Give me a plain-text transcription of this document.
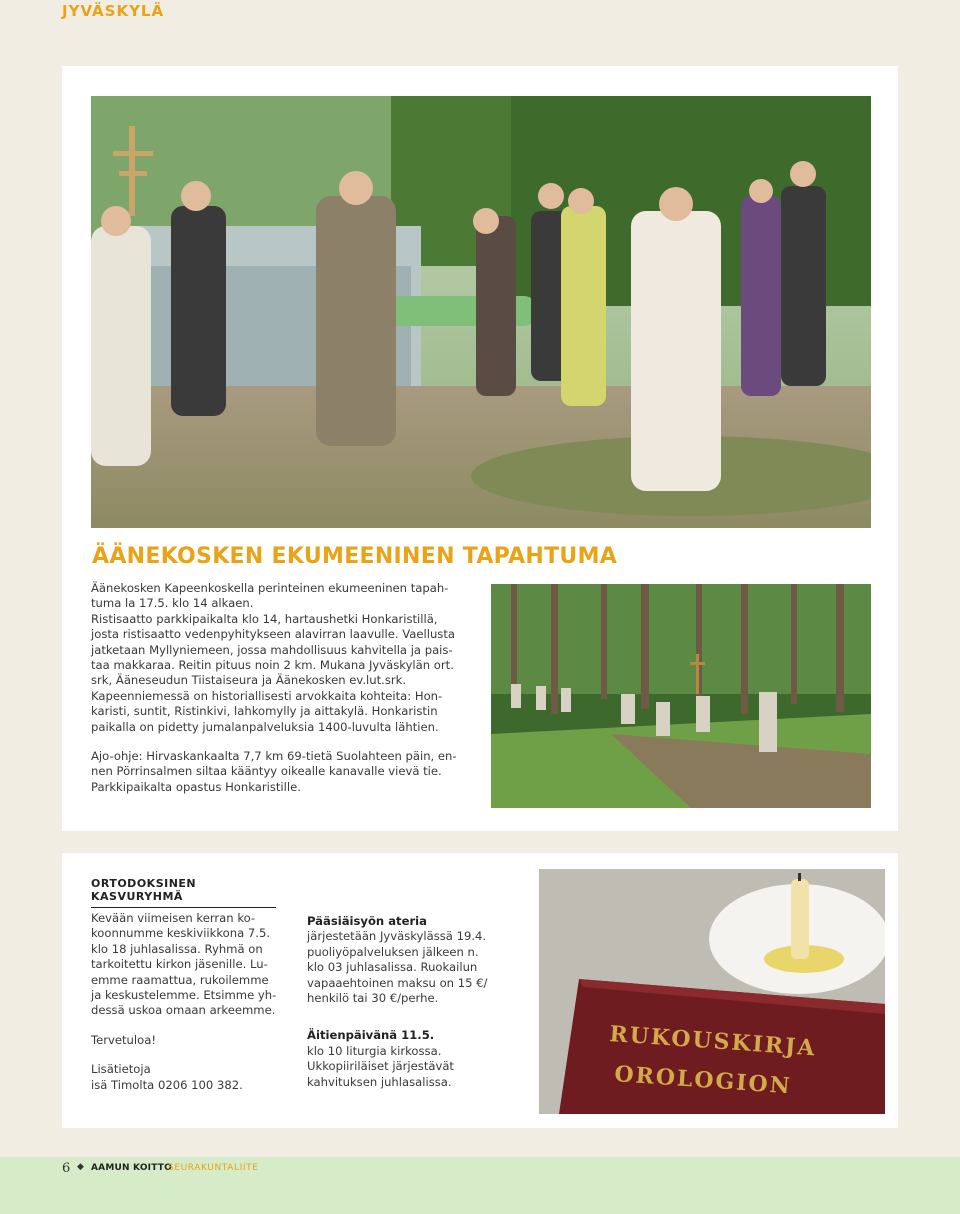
JYVÄSKYLÄ
ÄÄNEKOSKEN EKUMEENINEN TAPAHTUMA

Äänekosken Kapeenkoskella perinteinen ekumeeninen tapah-
tuma la 17.5. klo 14 alkaen.
Ristisaatto parkkipaikalta klo 14, hartaushetki Honkaristillä,
josta ristisaatto vedenpyhitykseen alavirran laavulle. Vaellusta
jatketaan Myllyniemeen, jossa mahdollisuus kahvitella ja pais-
taa makkaraa. Reitin pituus noin 2 km. Mukana Jyväskylän ort.
srk, Ääneseudun Tiistaiseura ja Äänekosken ev.lut.srk.
Kapeenniemessä on historiallisesti arvokkaita kohteita: Hon-
karisti, suntit, Ristinkivi, lahkomylly ja aittakylä. Honkaristin
paikalla on pidetty jumalanpalveluksia 1400-luvulta lähtien.

Ajo-ohje: Hirvaskankaalta 7,7 km 69-tietä Suolahteen päin, en-
nen Pörrinsalmen siltaa kääntyy oikealle kanavalle vievä tie.
Parkkipaikalta opastus Honkaristille.

ORTODOKSINEN KASVURYHMÄ

Kevään viimeisen kerran ko-
koonnumme keskiviikkona 7.5.
klo 18 juhlasalissa. Ryhmä on
tarkoitettu kirkon jäsenille. Lu-
emme raamattua, rukoilemme
ja keskustelemme. Etsimme yh-
dessä uskoa omaan arkeemme.

Tervetuloa!

Lisätietoja
isä Timolta 0206 100 382.

Pääsiäisyön ateria
järjestetään Jyväskylässä 19.4.
puoliyöpalveluksen jälkeen n.
klo 03 juhlasalissa. Ruokailun
vapaaehtoinen maksu on 15 €/
henkilö tai 30 €/perhe.

Äitienpäivänä 11.5.
klo 10 liturgia kirkossa.
Ukkopiiriläiset järjestävät
kahvituksen juhlasalissa.

RUKOUSKIRJA
OROLOGION
6 ◆ AAMUN KOITTO
SEURAKUNTALIITE
